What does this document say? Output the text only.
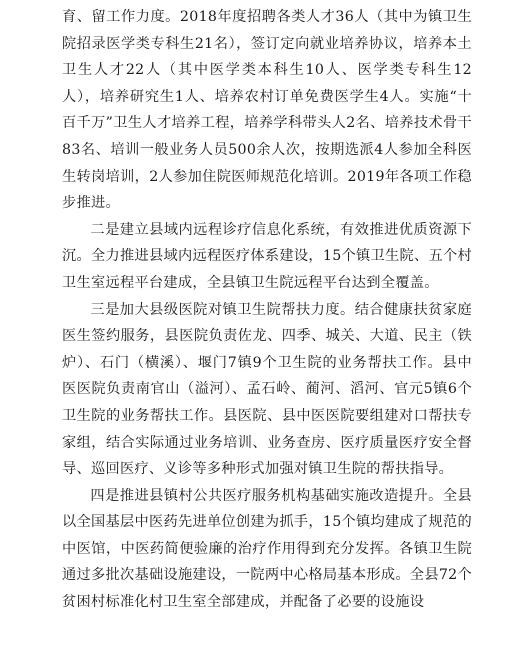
育、留工作力度。2018年度招聘各类人才36人（其中为镇卫生院招录医学类专科生21名），签订定向就业培养协议，培养本土卫生人才22人（其中医学类本科生10人、医学类专科生12人），培养研究生1人、培养农村订单免费医学生4人。实施“十百千万”卫生人才培养工程，培养学科带头人2名、培养技术骨干83名、培训一般业务人员500余人次，按期选派4人参加全科医生转岗培训，2人参加住院医师规范化培训。2019年各项工作稳步推进。

二是建立县域内远程诊疗信息化系统，有效推进优质资源下沉。全力推进县域内远程医疗体系建设，15个镇卫生院、五个村卫生室远程平台建成，全县镇卫生院远程平台达到全覆盖。

三是加大县级医院对镇卫生院帮扶力度。结合健康扶贫家庭医生签约服务，县医院负责佐龙、四季、城关、大道、民主（铁炉）、石门（横溪）、堰门7镇9个卫生院的业务帮扶工作。县中医医院负责南官山（溢河）、孟石岭、蔺河、滔河、官元5镇6个卫生院的业务帮扶工作。县医院、县中医医院要组建对口帮扶专家组，结合实际通过业务培训、业务查房、医疗质量医疗安全督导、巡回医疗、义诊等多种形式加强对镇卫生院的帮扶指导。

四是推进县镇村公共医疗服务机构基础实施改造提升。全县以全国基层中医药先进单位创建为抓手，15个镇均建成了规范的中医馆，中医药简便验廉的治疗作用得到充分发挥。各镇卫生院通过多批次基础设施建设，一院两中心格局基本形成。全县72个贫困村标准化村卫生室全部建成，并配备了必要的设施设
